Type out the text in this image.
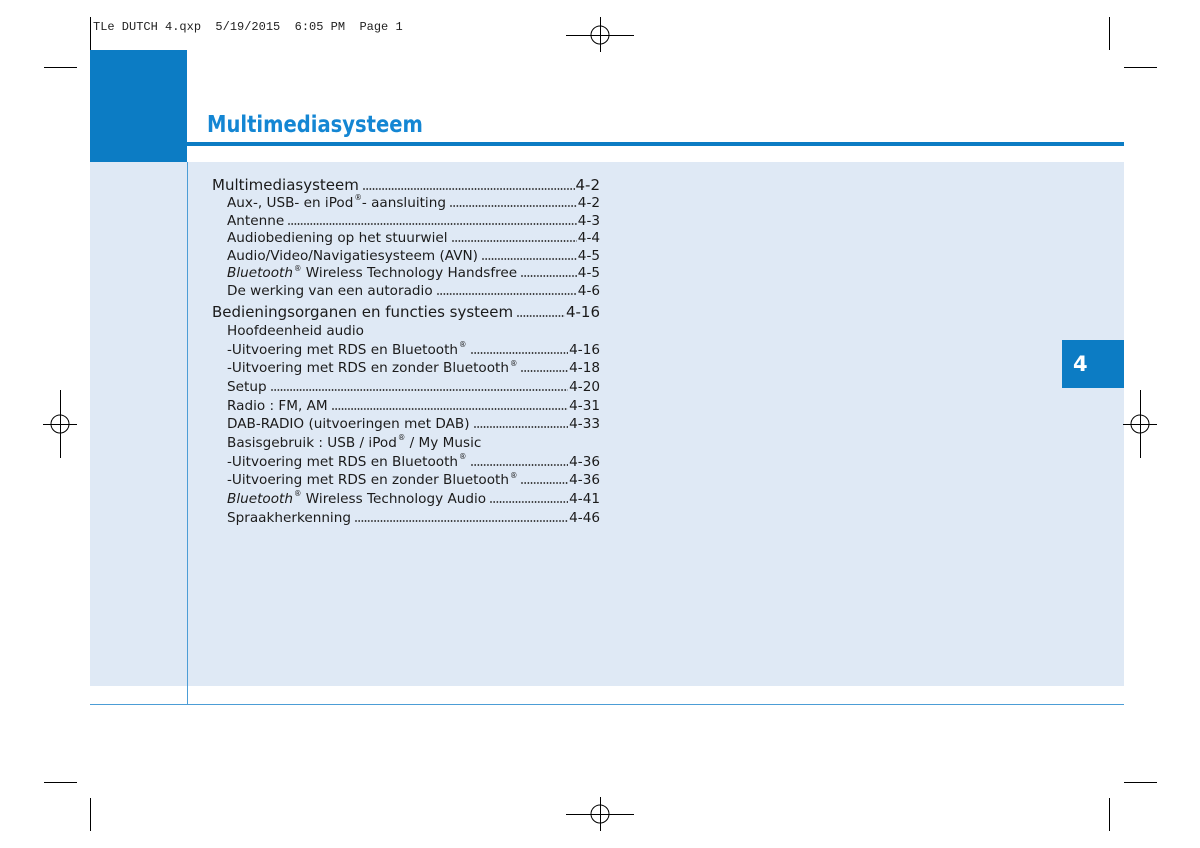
TLe DUTCH 4.qxp  5/19/2015  6:05 PM  Page 1
Multimediasysteem
Multimediasysteem	4-2
Aux-, USB- en iPod®- aansluiting	4-2
Antenne	4-3
Audiobediening op het stuurwiel	4-4
Audio/Video/Navigatiesysteem (AVN)	4-5
Bluetooth® Wireless Technology Handsfree	4-5
De werking van een autoradio	4-6
Bedieningsorganen en functies systeem	4-16
Hoofdeenheid audio
-Uitvoering met RDS en Bluetooth®	4-16
-Uitvoering met RDS en zonder Bluetooth®	4-18
Setup	4-20
Radio : FM, AM	4-31
DAB-RADIO (uitvoeringen met DAB)	4-33
Basisgebruik : USB / iPod® / My Music
-Uitvoering met RDS en Bluetooth®	4-36
-Uitvoering met RDS en zonder Bluetooth®	4-36
Bluetooth® Wireless Technology Audio	4-41
Spraakherkenning	4-46
4
